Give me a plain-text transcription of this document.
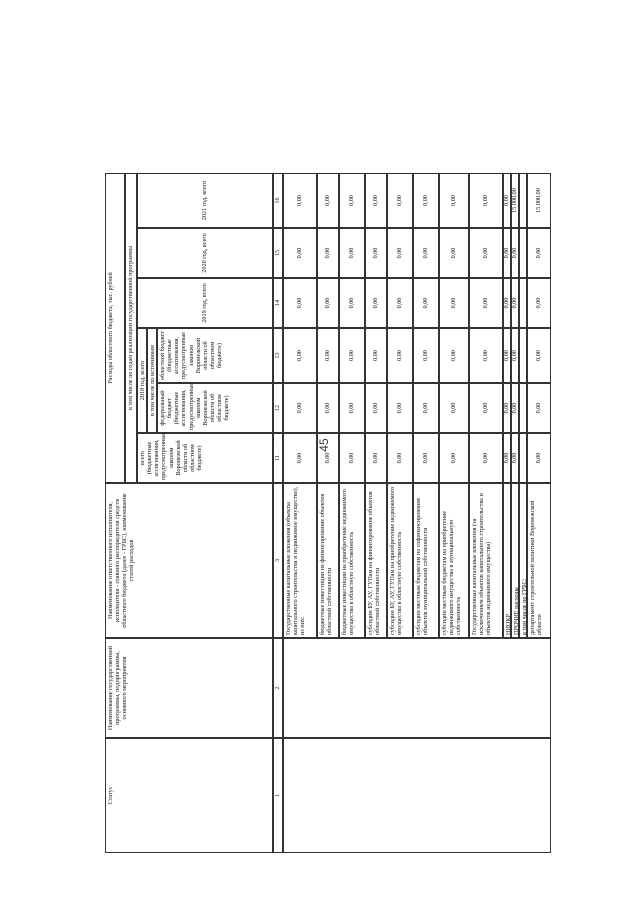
45
Статус
Наименование государственной программы, подпрограммы, основного мероприятия
Наименование ответственного исполнителя, исполнителя - главного распорядителя средств областного бюджета (далее - ГРБС), наименование статей расходов
Расходы областного бюджета, тыс. рублей	в том числе по годам реализации государственной программы 2018 год, всего в том числе по источникам
всего (бюджетные ассигнования, предусмотренные законом Воронежской области об областном бюджете)
федеральный бюджет (бюджетные ассигнования, предусмотренные законом Воронежской области об областном бюджете)
областной бюджет (бюджетные ассигнования, предусмотренные законом Воронежской области об областном бюджете)
2019 год, всего
2020 год, всего
2021 год, всего
1
2
3
11
12
13
14
15
16
Государственные капитальные вложения (объекты капитального строительства и недвижимое имущество), из них:
0,00
0,00
0,00
0,00
0,00
0,00
бюджетные инвестиции на финансирование объектов областной собственности
0,00
0,00
0,00
0,00
0,00
0,00
бюджетные инвестиции на приобретение недвижимого имущества в областную собственность
0,00
0,00
0,00
0,00
0,00
0,00
субсидии БУ, АУ, ГУПам на финансирование объектов областной собственности
0,00
0,00
0,00
0,00
0,00
0,00
субсидии БУ, АУ, ГУПам на приобретение недвижимого имущества в областную собственность
0,00
0,00
0,00
0,00
0,00
0,00
субсидии местным бюджетам на софинансирование объектов муниципальной собственности
0,00
0,00
0,00
0,00
0,00
0,00
субсидии местным бюджетам на приобретение недвижимого имущества в муниципальную собственность
0,00
0,00
0,00
0,00
0,00
0,00
Государственные капитальные вложения (за исключением объектов капитального строительства и объектов недвижимого имущества)
0,00
0,00
0,00
0,00
0,00
0,00
НИОКР
0,00
0,00
0,00
0,00
0,00
0,00
ПРОЧИЕ расходы
0,00
0,00
0,00
0,00
0,00
15 000,00
в том числе по ГРБС: департамент строительной политики Воронежской области
0,00
0,00
0,00
0,00
0,00
15 000,00
